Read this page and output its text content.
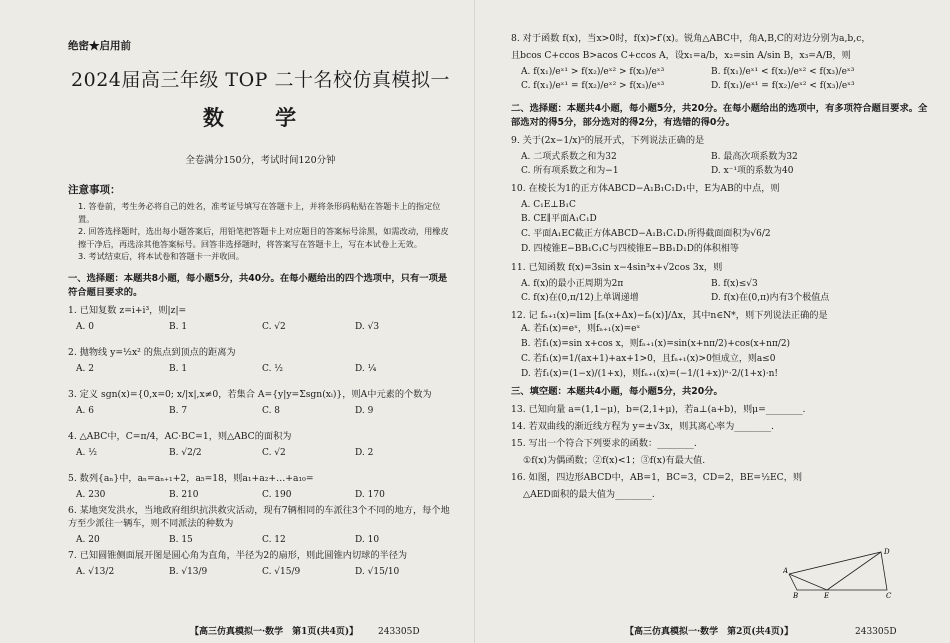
绝密★启用前
2024届高三年级 TOP 二十名校仿真模拟一
数 学
全卷满分150分，考试时间120分钟
注意事项：
1. 答卷前，考生务必将自己的姓名，准考证号填写在答题卡上，并将条形码粘贴在答题卡上的指定位置。
2. 回答选择题时，选出每小题答案后，用铅笔把答题卡上对应题目的答案标号涂黑，如需改动，用橡皮擦干净后，再选涂其他答案标号。回答非选择题时，将答案写在答题卡上，写在本试卷上无效。
3. 考试结束后，将本试卷和答题卡一并收回。
一、选择题：本题共8小题，每小题5分，共40分。在每小题给出的四个选项中，只有一项是符合题目要求的。
1. 已知复数 z=i+i³，则|z|=
A. 0	B. 1	C. √2	D. √3
2. 抛物线 y=½x² 的焦点到顶点的距离为
A. 2	B. 1	C. ½	D. ¼
3. 定义 sgn(x)={0,x=0; x/|x|,x≠0，若集合 A={y|y=Σsgn(xᵢ)}，则A中元素的个数为
A. 6	B. 7	C. 8	D. 9
4. △ABC中，C=π/4，AC·BC=1，则△ABC的面积为
A. ½	B. √2/2	C. √2	D. 2
5. 数列{aₙ}中，aₙ=aₙ₊₁+2，a₅=18，则a₁+a₂+…+a₁₀=
A. 230	B. 210	C. 190	D. 170
6. 某地突发洪水，当地政府组织抗洪救灾活动，现有7辆相同的车派往3个不同的地方，每个地方至少派往一辆车，则不同派法的种数为
A. 20	B. 15	C. 12	D. 10
7. 已知圆锥侧面展开图是圆心角为直角，半径为2的扇形，则此圆锥内切球的半径为
A. √13/2	B. √13/9	C. √15/9	D. √15/10
【高三仿真模拟一·数学　第1页(共4页)】 243305D
8. 对于函数 f(x)，当x>0时，f(x)>f′(x)。锐角△ABC中，角A,B,C的对边分别为a,b,c，
且bcos C+ccos B>acos C+ccos A，设x₁=a/b，x₂=sin A/sin B，x₃=A/B，则
A. f(x₁)/eˣ¹ > f(x₂)/eˣ² > f(x₃)/eˣ³	B. f(x₁)/eˣ¹ < f(x₂)/eˣ² < f(x₃)/eˣ³
C. f(x₁)/eˣ¹ = f(x₂)/eˣ² > f(x₃)/eˣ³	D. f(x₁)/eˣ¹ = f(x₂)/eˣ² < f(x₃)/eˣ³
二、选择题：本题共4小题，每小题5分，共20分。在每小题给出的选项中，有多项符合题目要求。全部选对的得5分，部分选对的得2分，有选错的得0分。
9. 关于(2x−1/x)⁵的展开式，下列说法正确的是
A. 二项式系数之和为32	B. 最高次项系数为32
C. 所有项系数之和为−1	D. x⁻¹项的系数为40
10. 在棱长为1的正方体ABCD−A₁B₁C₁D₁中，E为AB的中点，则
A. C₁E⊥B₁C
B. CE∥平面A₁C₁D
C. 平面A₁EC截正方体ABCD−A₁B₁C₁D₁所得截面面积为√6/2
D. 四棱锥E−BB₁C₁C与四棱锥E−BB₁D₁D的体积相等
11. 已知函数 f(x)=3sin x−4sin³x+√2cos 3x，则
A. f(x)的最小正周期为2π	B. f(x)≤√3
C. f(x)在(0,π/12)上单调递增	D. f(x)在(0,π)内有3个极值点
12. 记 fₙ₊₁(x)=lim [fₙ(x+Δx)−fₙ(x)]/Δx，其中n∈N*，则下列说法正确的是
A. 若f₁(x)=eˣ，则fₙ₊₁(x)=eˣ
B. 若f₁(x)=sin x+cos x，则fₙ₊₁(x)=sin(x+nπ/2)+cos(x+nπ/2)
C. 若f₁(x)=1/(ax+1)+ax+1>0，且fₙ₊₁(x)>0恒成立，则a≤0
D. 若f₁(x)=(1−x)/(1+x)，则fₙ₊₁(x)=(−1/(1+x))ⁿ·2/(1+x)·n!
三、填空题：本题共4小题，每小题5分，共20分。
13. 已知向量 a=(1,1−μ)，b=(2,1+μ)，若a⊥(a+b)，则μ=________.
14. 若双曲线的渐近线方程为 y=±√3x，则其离心率为________.
15. 写出一个符合下列要求的函数：________.
①f(x)为偶函数；②f(x)<1；③f(x)有最大值.
16. 如图，四边形ABCD中，AB=1，BC=3，CD=2，BE=½EC，则
△AED面积的最大值为________.
D
A
B	E	C
【高三仿真模拟一·数学　第2页(共4页)】	243305D
